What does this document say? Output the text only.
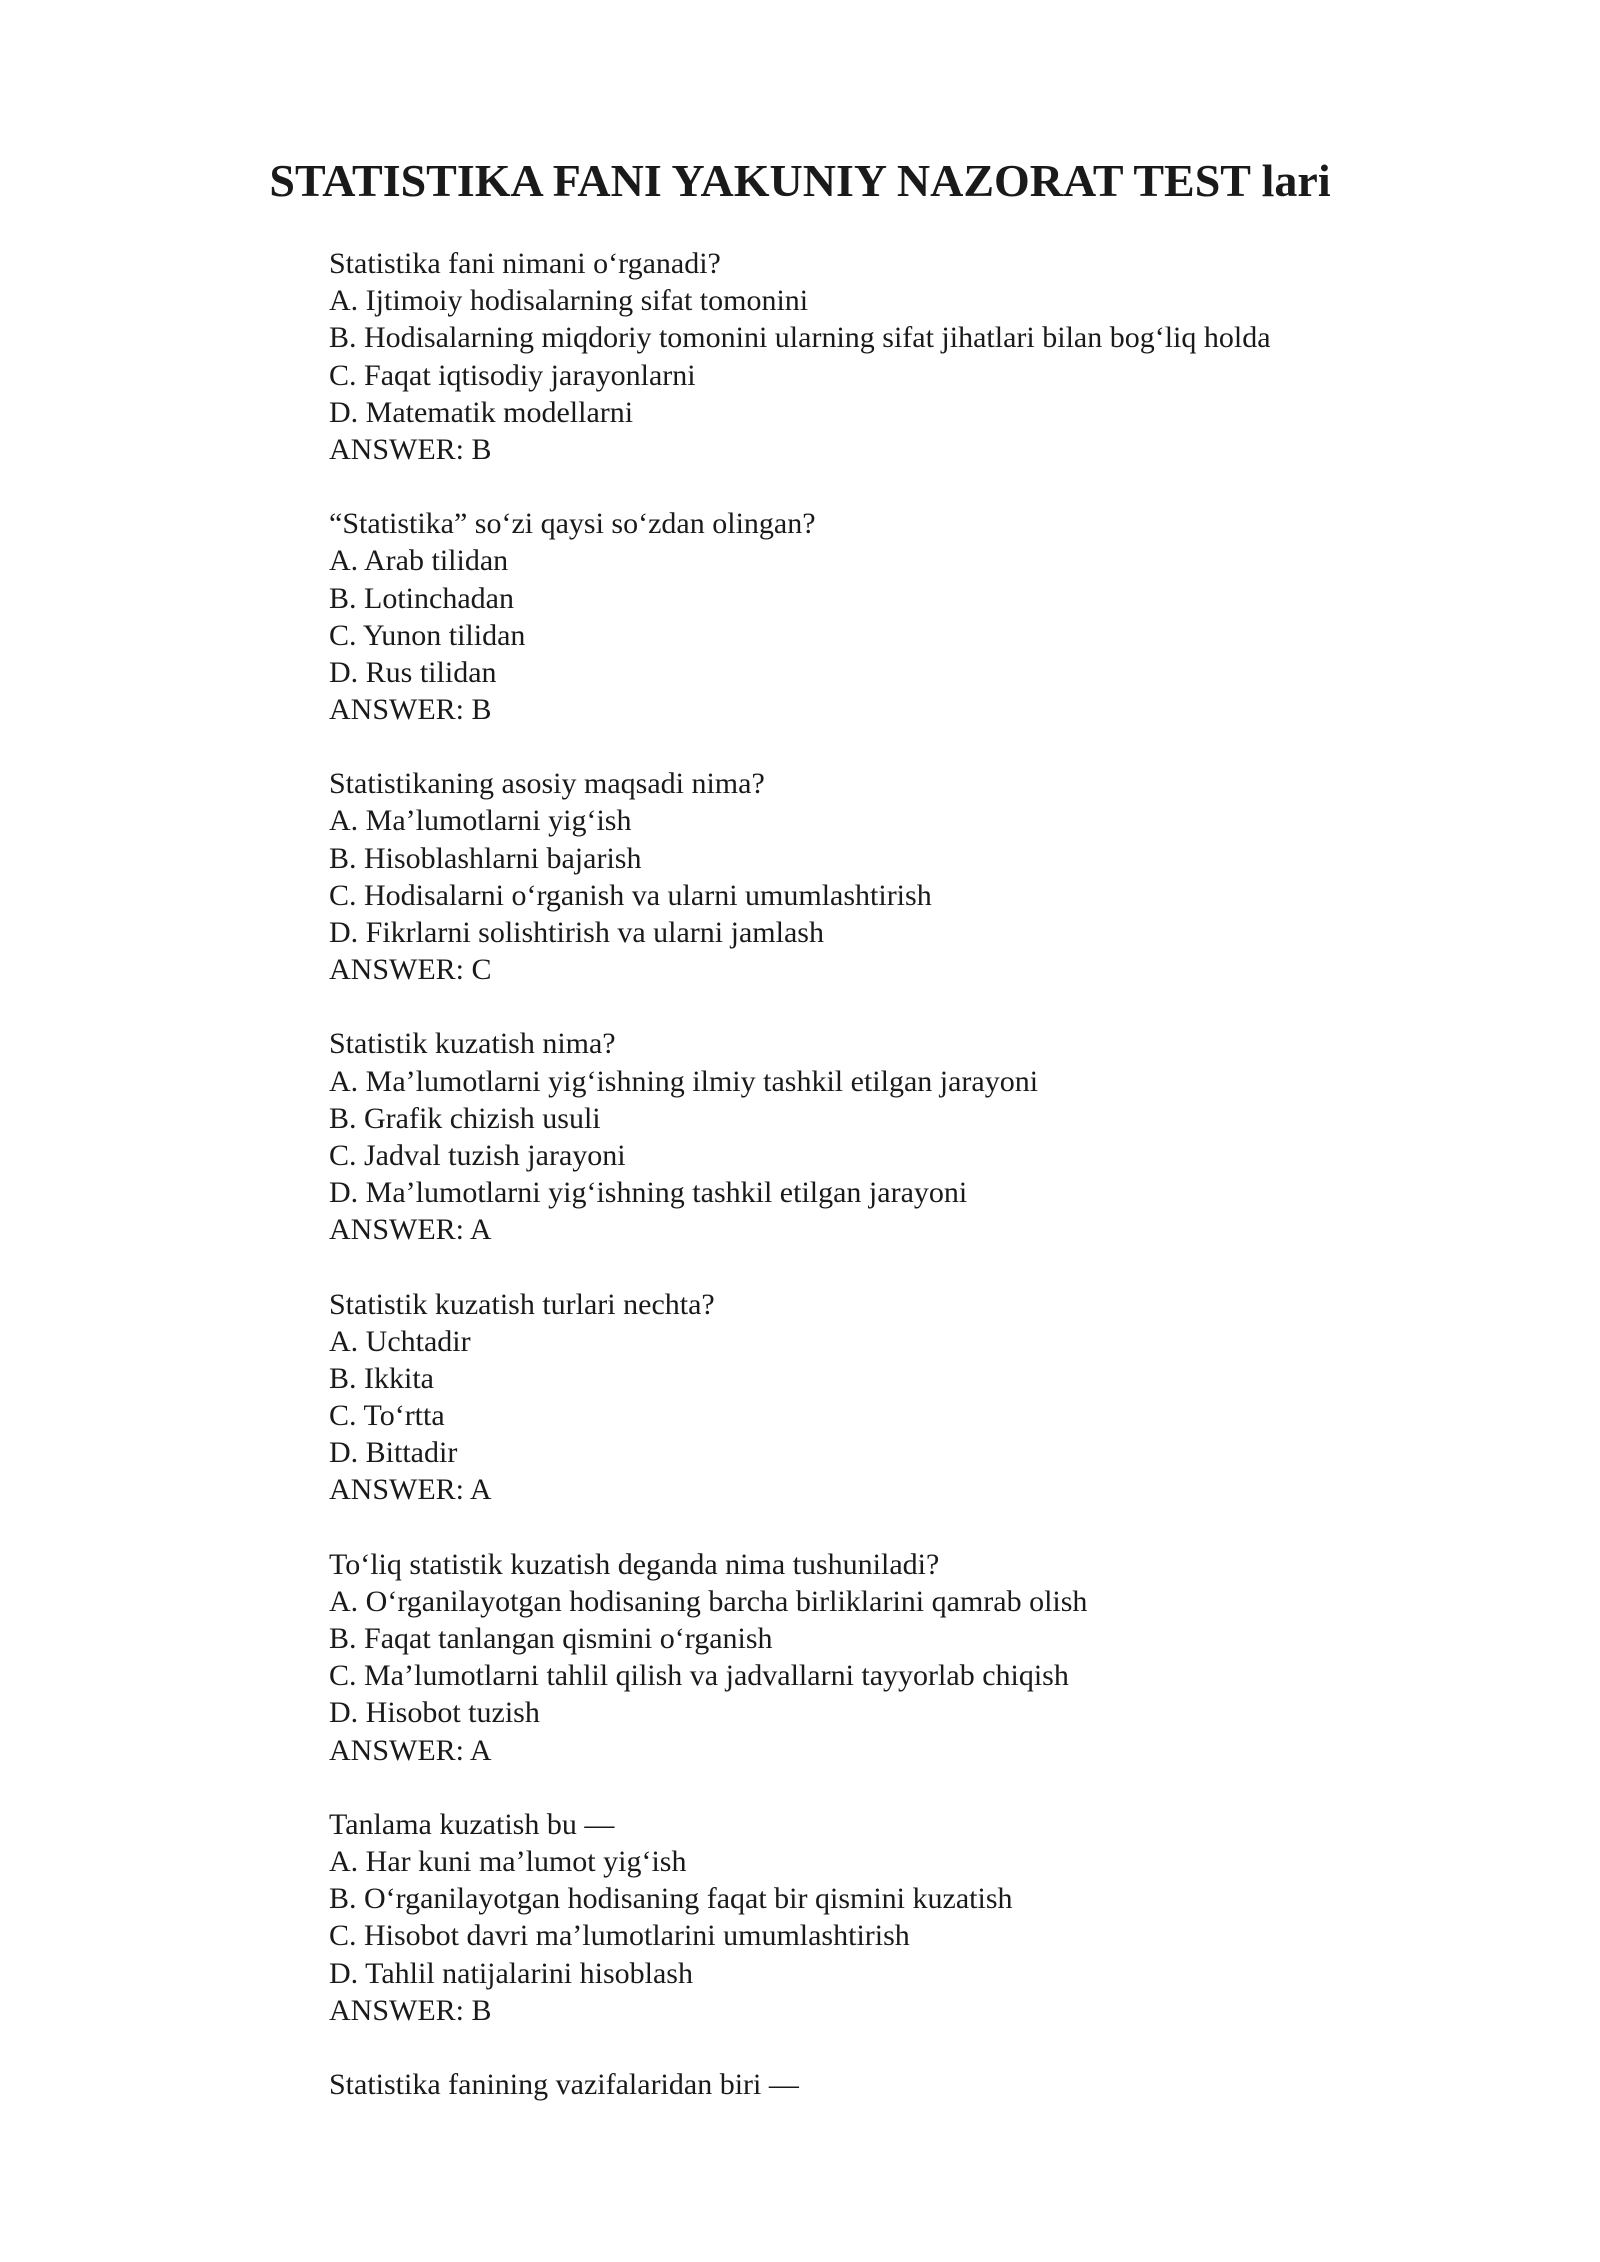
STATISTIKA FANI YAKUNIY NAZORAT TEST lari
Statistika fani nimani o‘rganadi?
A. Ijtimoiy hodisalarning sifat tomonini
B. Hodisalarning miqdoriy tomonini ularning sifat jihatlari bilan bog‘liq holda
C. Faqat iqtisodiy jarayonlarni
D. Matematik modellarni
ANSWER: B
“Statistika” so‘zi qaysi so‘zdan olingan?
A. Arab tilidan
B. Lotinchadan
C. Yunon tilidan
D. Rus tilidan
ANSWER: B
Statistikaning asosiy maqsadi nima?
A. Ma’lumotlarni yig‘ish
B. Hisoblashlarni bajarish
C. Hodisalarni o‘rganish va ularni umumlashtirish
D. Fikrlarni solishtirish va ularni jamlash
ANSWER: C
Statistik kuzatish nima?
A. Ma’lumotlarni yig‘ishning ilmiy tashkil etilgan jarayoni
B. Grafik chizish usuli
C. Jadval tuzish jarayoni
D. Ma’lumotlarni yig‘ishning tashkil etilgan jarayoni
ANSWER: A
Statistik kuzatish turlari nechta?
A. Uchtadir
B. Ikkita
C. To‘rtta
D. Bittadir
ANSWER: A
To‘liq statistik kuzatish deganda nima tushuniladi?
A. O‘rganilayotgan hodisaning barcha birliklarini qamrab olish
B. Faqat tanlangan qismini o‘rganish
C. Ma’lumotlarni tahlil qilish va jadvallarni tayyorlab chiqish
D. Hisobot tuzish
ANSWER: A
Tanlama kuzatish bu —
A. Har kuni ma’lumot yig‘ish
B. O‘rganilayotgan hodisaning faqat bir qismini kuzatish
C. Hisobot davri ma’lumotlarini umumlashtirish
D. Tahlil natijalarini hisoblash
ANSWER: B
Statistika fanining vazifalaridan biri —
